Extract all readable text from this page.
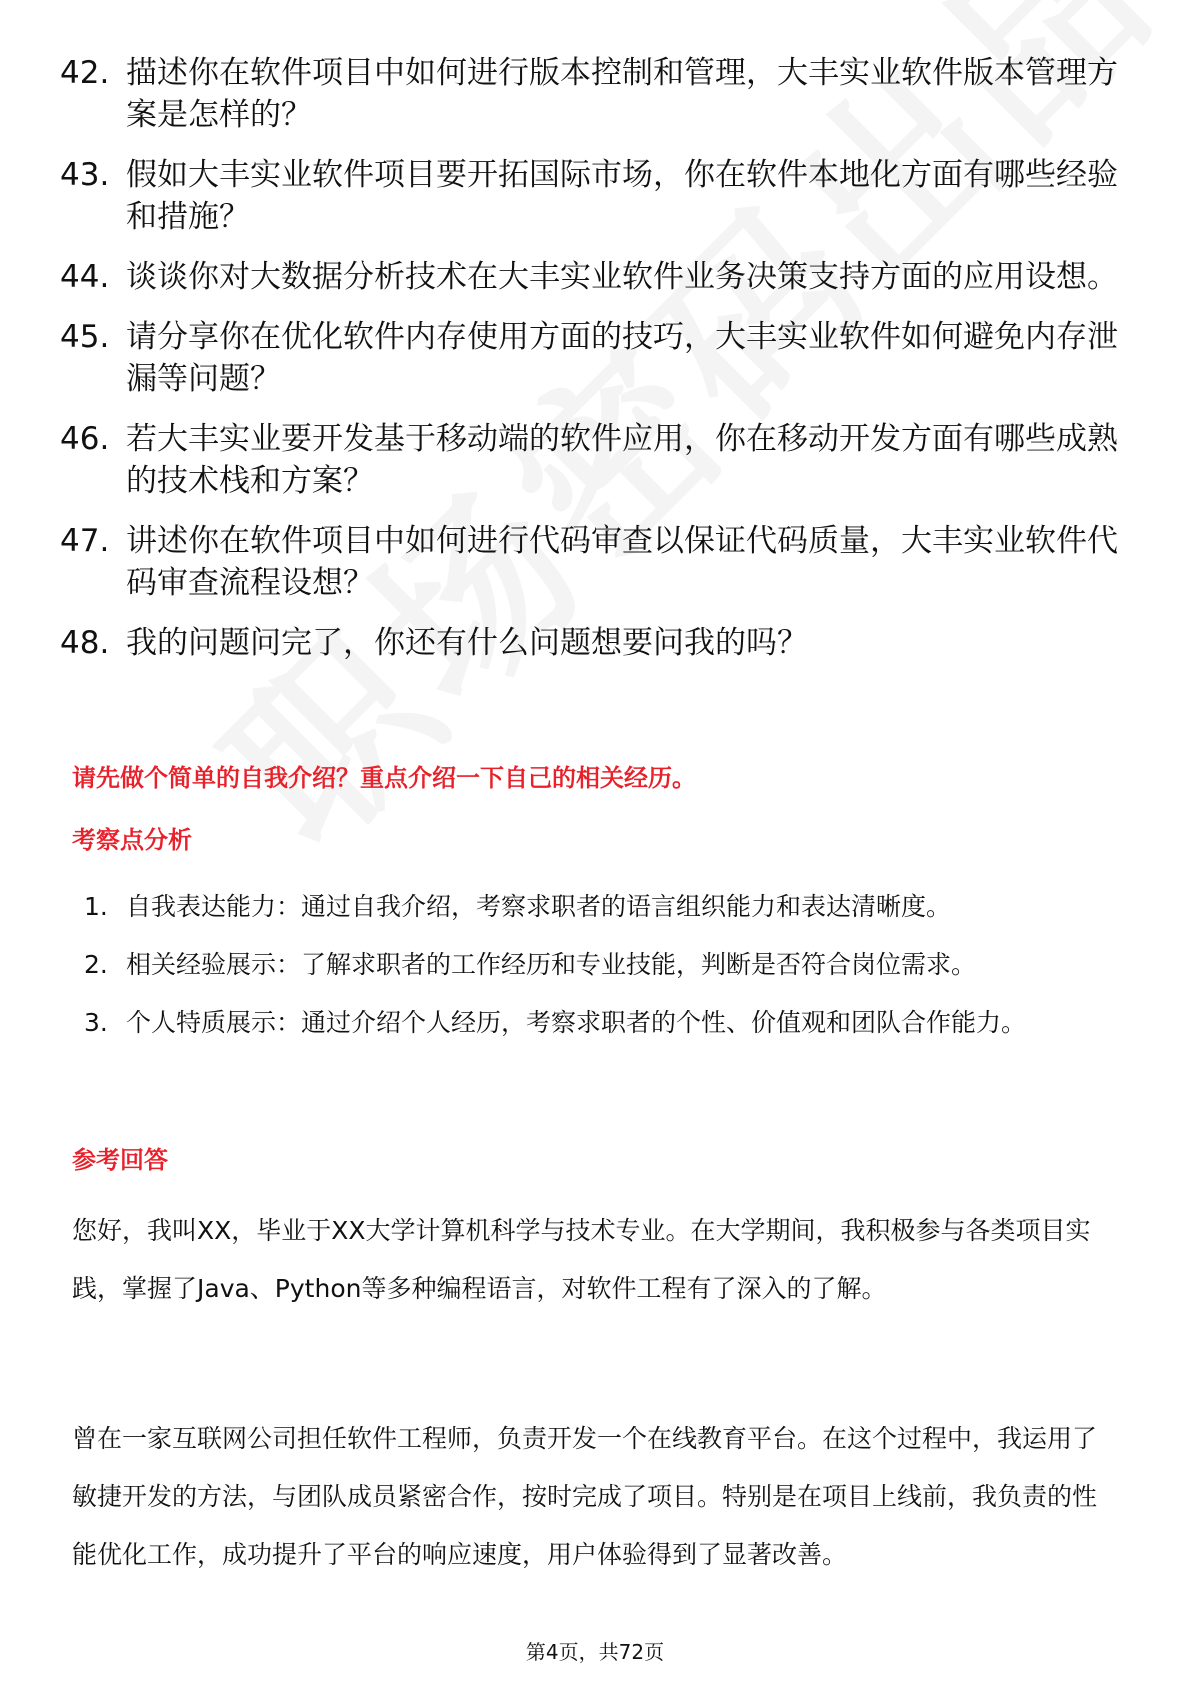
42. 描述你在软件项目中如何进行版本控制和管理，大丰实业软件版本管理方案是怎样的？
43. 假如大丰实业软件项目要开拓国际市场，你在软件本地化方面有哪些经验和措施？
44. 谈谈你对大数据分析技术在大丰实业软件业务决策支持方面的应用设想。
45. 请分享你在优化软件内存使用方面的技巧，大丰实业软件如何避免内存泄漏等问题？
46. 若大丰实业要开发基于移动端的软件应用，你在移动开发方面有哪些成熟的技术栈和方案？
47. 讲述你在软件项目中如何进行代码审查以保证代码质量，大丰实业软件代码审查流程设想？
48. 我的问题问完了，你还有什么问题想要问我的吗？
请先做个简单的自我介绍？重点介绍一下自己的相关经历。
考察点分析
1. 自我表达能力：通过自我介绍，考察求职者的语言组织能力和表达清晰度。
2. 相关经验展示：了解求职者的工作经历和专业技能，判断是否符合岗位需求。
3. 个人特质展示：通过介绍个人经历，考察求职者的个性、价值观和团队合作能力。
参考回答

您好，我叫XX，毕业于XX大学计算机科学与技术专业。在大学期间，我积极参与各类项目实践，掌握了Java、Python等多种编程语言，对软件工程有了深入的了解。

曾在一家互联网公司担任软件工程师，负责开发一个在线教育平台。在这个过程中，我运用了敏捷开发的方法，与团队成员紧密合作，按时完成了项目。特别是在项目上线前，我负责的性能优化工作，成功提升了平台的响应速度，用户体验得到了显著改善。

第4页，共72页
